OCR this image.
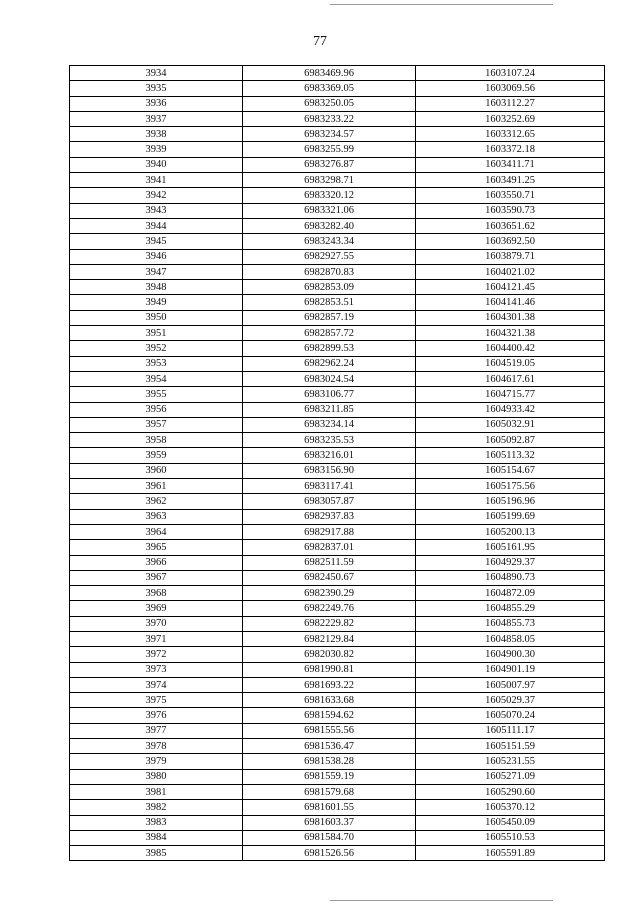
77
3934	6983469.96	1603107.24
3935	6983369.05	1603069.56
3936	6983250.05	1603112.27
3937	6983233.22	1603252.69
3938	6983234.57	1603312.65
3939	6983255.99	1603372.18
3940	6983276.87	1603411.71
3941	6983298.71	1603491.25
3942	6983320.12	1603550.71
3943	6983321.06	1603590.73
3944	6983282.40	1603651.62
3945	6983243.34	1603692.50
3946	6982927.55	1603879.71
3947	6982870.83	1604021.02
3948	6982853.09	1604121.45
3949	6982853.51	1604141.46
3950	6982857.19	1604301.38
3951	6982857.72	1604321.38
3952	6982899.53	1604400.42
3953	6982962.24	1604519.05
3954	6983024.54	1604617.61
3955	6983106.77	1604715.77
3956	6983211.85	1604933.42
3957	6983234.14	1605032.91
3958	6983235.53	1605092.87
3959	6983216.01	1605113.32
3960	6983156.90	1605154.67
3961	6983117.41	1605175.56
3962	6983057.87	1605196.96
3963	6982937.83	1605199.69
3964	6982917.88	1605200.13
3965	6982837.01	1605161.95
3966	6982511.59	1604929.37
3967	6982450.67	1604890.73
3968	6982390.29	1604872.09
3969	6982249.76	1604855.29
3970	6982229.82	1604855.73
3971	6982129.84	1604858.05
3972	6982030.82	1604900.30
3973	6981990.81	1604901.19
3974	6981693.22	1605007.97
3975	6981633.68	1605029.37
3976	6981594.62	1605070.24
3977	6981555.56	1605111.17
3978	6981536.47	1605151.59
3979	6981538.28	1605231.55
3980	6981559.19	1605271.09
3981	6981579.68	1605290.60
3982	6981601.55	1605370.12
3983	6981603.37	1605450.09
3984	6981584.70	1605510.53
3985	6981526.56	1605591.89
